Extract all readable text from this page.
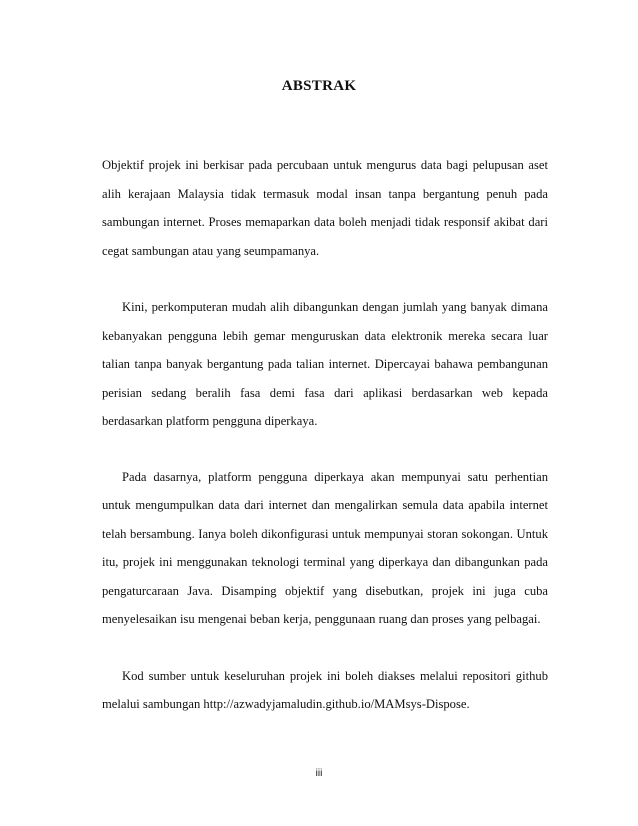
ABSTRAK

Objektif projek ini berkisar pada percubaan untuk mengurus data bagi pelupusan aset alih kerajaan Malaysia tidak termasuk modal insan tanpa bergantung penuh pada sambungan internet. Proses memaparkan data boleh menjadi tidak responsif akibat dari cegat sambungan atau yang seumpamanya.

Kini, perkomputeran mudah alih dibangunkan dengan jumlah yang banyak dimana kebanyakan pengguna lebih gemar menguruskan data elektronik mereka secara luar talian tanpa banyak bergantung pada talian internet. Dipercayai bahawa pembangunan perisian sedang beralih fasa demi fasa dari aplikasi berdasarkan web kepada berdasarkan platform pengguna diperkaya.

Pada dasarnya, platform pengguna diperkaya akan mempunyai satu perhentian untuk mengumpulkan data dari internet dan mengalirkan semula data apabila internet telah bersambung. Ianya boleh dikonfigurasi untuk mempunyai storan sokongan. Untuk itu, projek ini menggunakan teknologi terminal yang diperkaya dan dibangunkan pada pengaturcaraan Java. Disamping objektif yang disebutkan, projek ini juga cuba menyelesaikan isu mengenai beban kerja, penggunaan ruang dan proses yang pelbagai.

Kod sumber untuk keseluruhan projek ini boleh diakses melalui repositori github melalui sambungan http://azwadyjamaludin.github.io/MAMsys-Dispose.

iii
